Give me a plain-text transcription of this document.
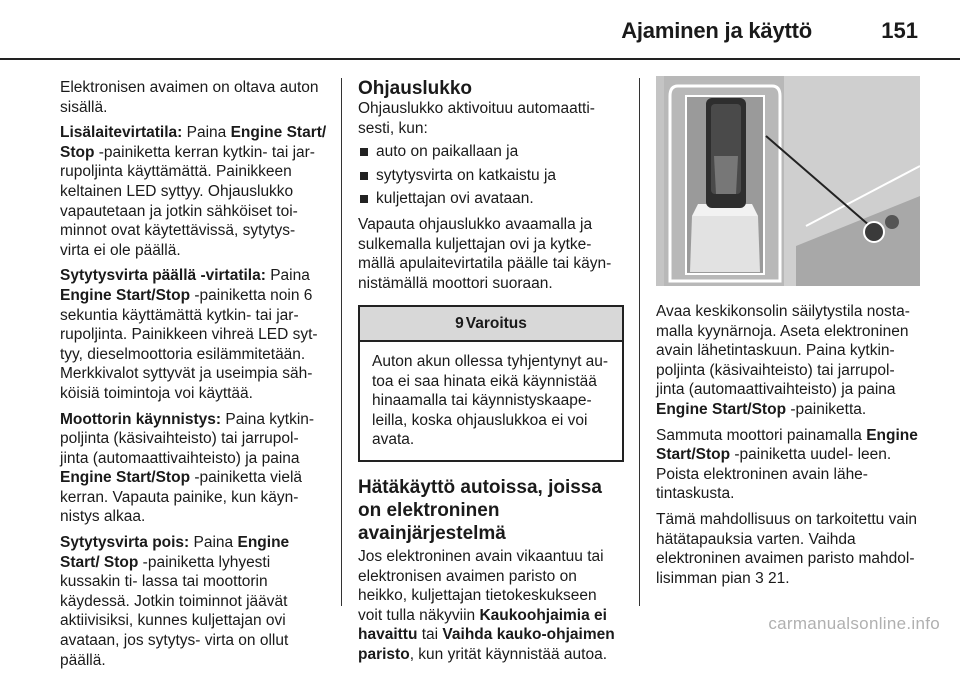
Ajaminen ja käyttö	151

Elektronisen avaimen on oltava auton sisällä.

Lisälaitevirtatila: Paina Engine Start/ Stop -painiketta kerran kytkin- tai jar- rupoljinta käyttämättä. Painikkeen keltainen LED syttyy. Ohjauslukko vapautetaan ja jotkin sähköiset toi- minnot ovat käytettävissä, sytytys- virta ei ole päällä.

Sytytysvirta päällä -virtatila: Paina Engine Start/Stop -painiketta noin 6 sekuntia käyttämättä kytkin- tai jar- rupoljinta. Painikkeen vihreä LED syt- tyy, dieselmoottoria esilämmitetään. Merkkivalot syttyvät ja useimpia säh- köisiä toimintoja voi käyttää.

Moottorin käynnistys: Paina kytkin- poljinta (käsivaihteisto) tai jarrupol- jinta (automaattivaihteisto) ja paina Engine Start/Stop -painiketta vielä kerran. Vapauta painike, kun käyn- nistys alkaa.

Sytytysvirta pois: Paina Engine Start/ Stop -painiketta lyhyesti kussakin ti- lassa tai moottorin käydessä. Jotkin toiminnot jäävät aktiivisiksi, kunnes kuljettajan ovi avataan, jos sytytys- virta on ollut päällä.

Ohjauslukko

Ohjauslukko aktivoituu automaatti- sesti, kun:

auto on paikallaan ja
sytytysvirta on katkaistu ja
kuljettajan ovi avataan.

Vapauta ohjauslukko avaamalla ja sulkemalla kuljettajan ovi ja kytke- mällä apulaitevirtatila päälle tai käyn- nistämällä moottori suoraan.

9 Varoitus
Auton akun ollessa tyhjentynyt au- toa ei saa hinata eikä käynnistää hinaamalla tai käynnistyskaape- leilla, koska ohjauslukkoa ei voi avata.
Hätäkäyttö autoissa, joissa on elektroninen avainjärjestelmä

Jos elektroninen avain vikaantuu tai elektronisen avaimen paristo on heikko, kuljettajan tietokeskukseen voit tulla näkyviin Kaukoohjaimia ei havaittu tai Vaihda kauko-ohjaimen paristo, kun yrität käynnistää autoa.

Avaa keskikonsolin säilytystila nosta- malla kyynärnoja. Aseta elektroninen avain lähetintaskuun. Paina kytkin- poljinta (käsivaihteisto) tai jarrupol- jinta (automaattivaihteisto) ja paina Engine Start/Stop -painiketta.

Sammuta moottori painamalla Engine Start/Stop -painiketta uudel- leen. Poista elektroninen avain lähe- tintaskusta.

Tämä mahdollisuus on tarkoitettu vain hätätapauksia varten. Vaihda elektroninen avaimen paristo mahdol- lisimman pian 3 21.

carmanualsonline.info
